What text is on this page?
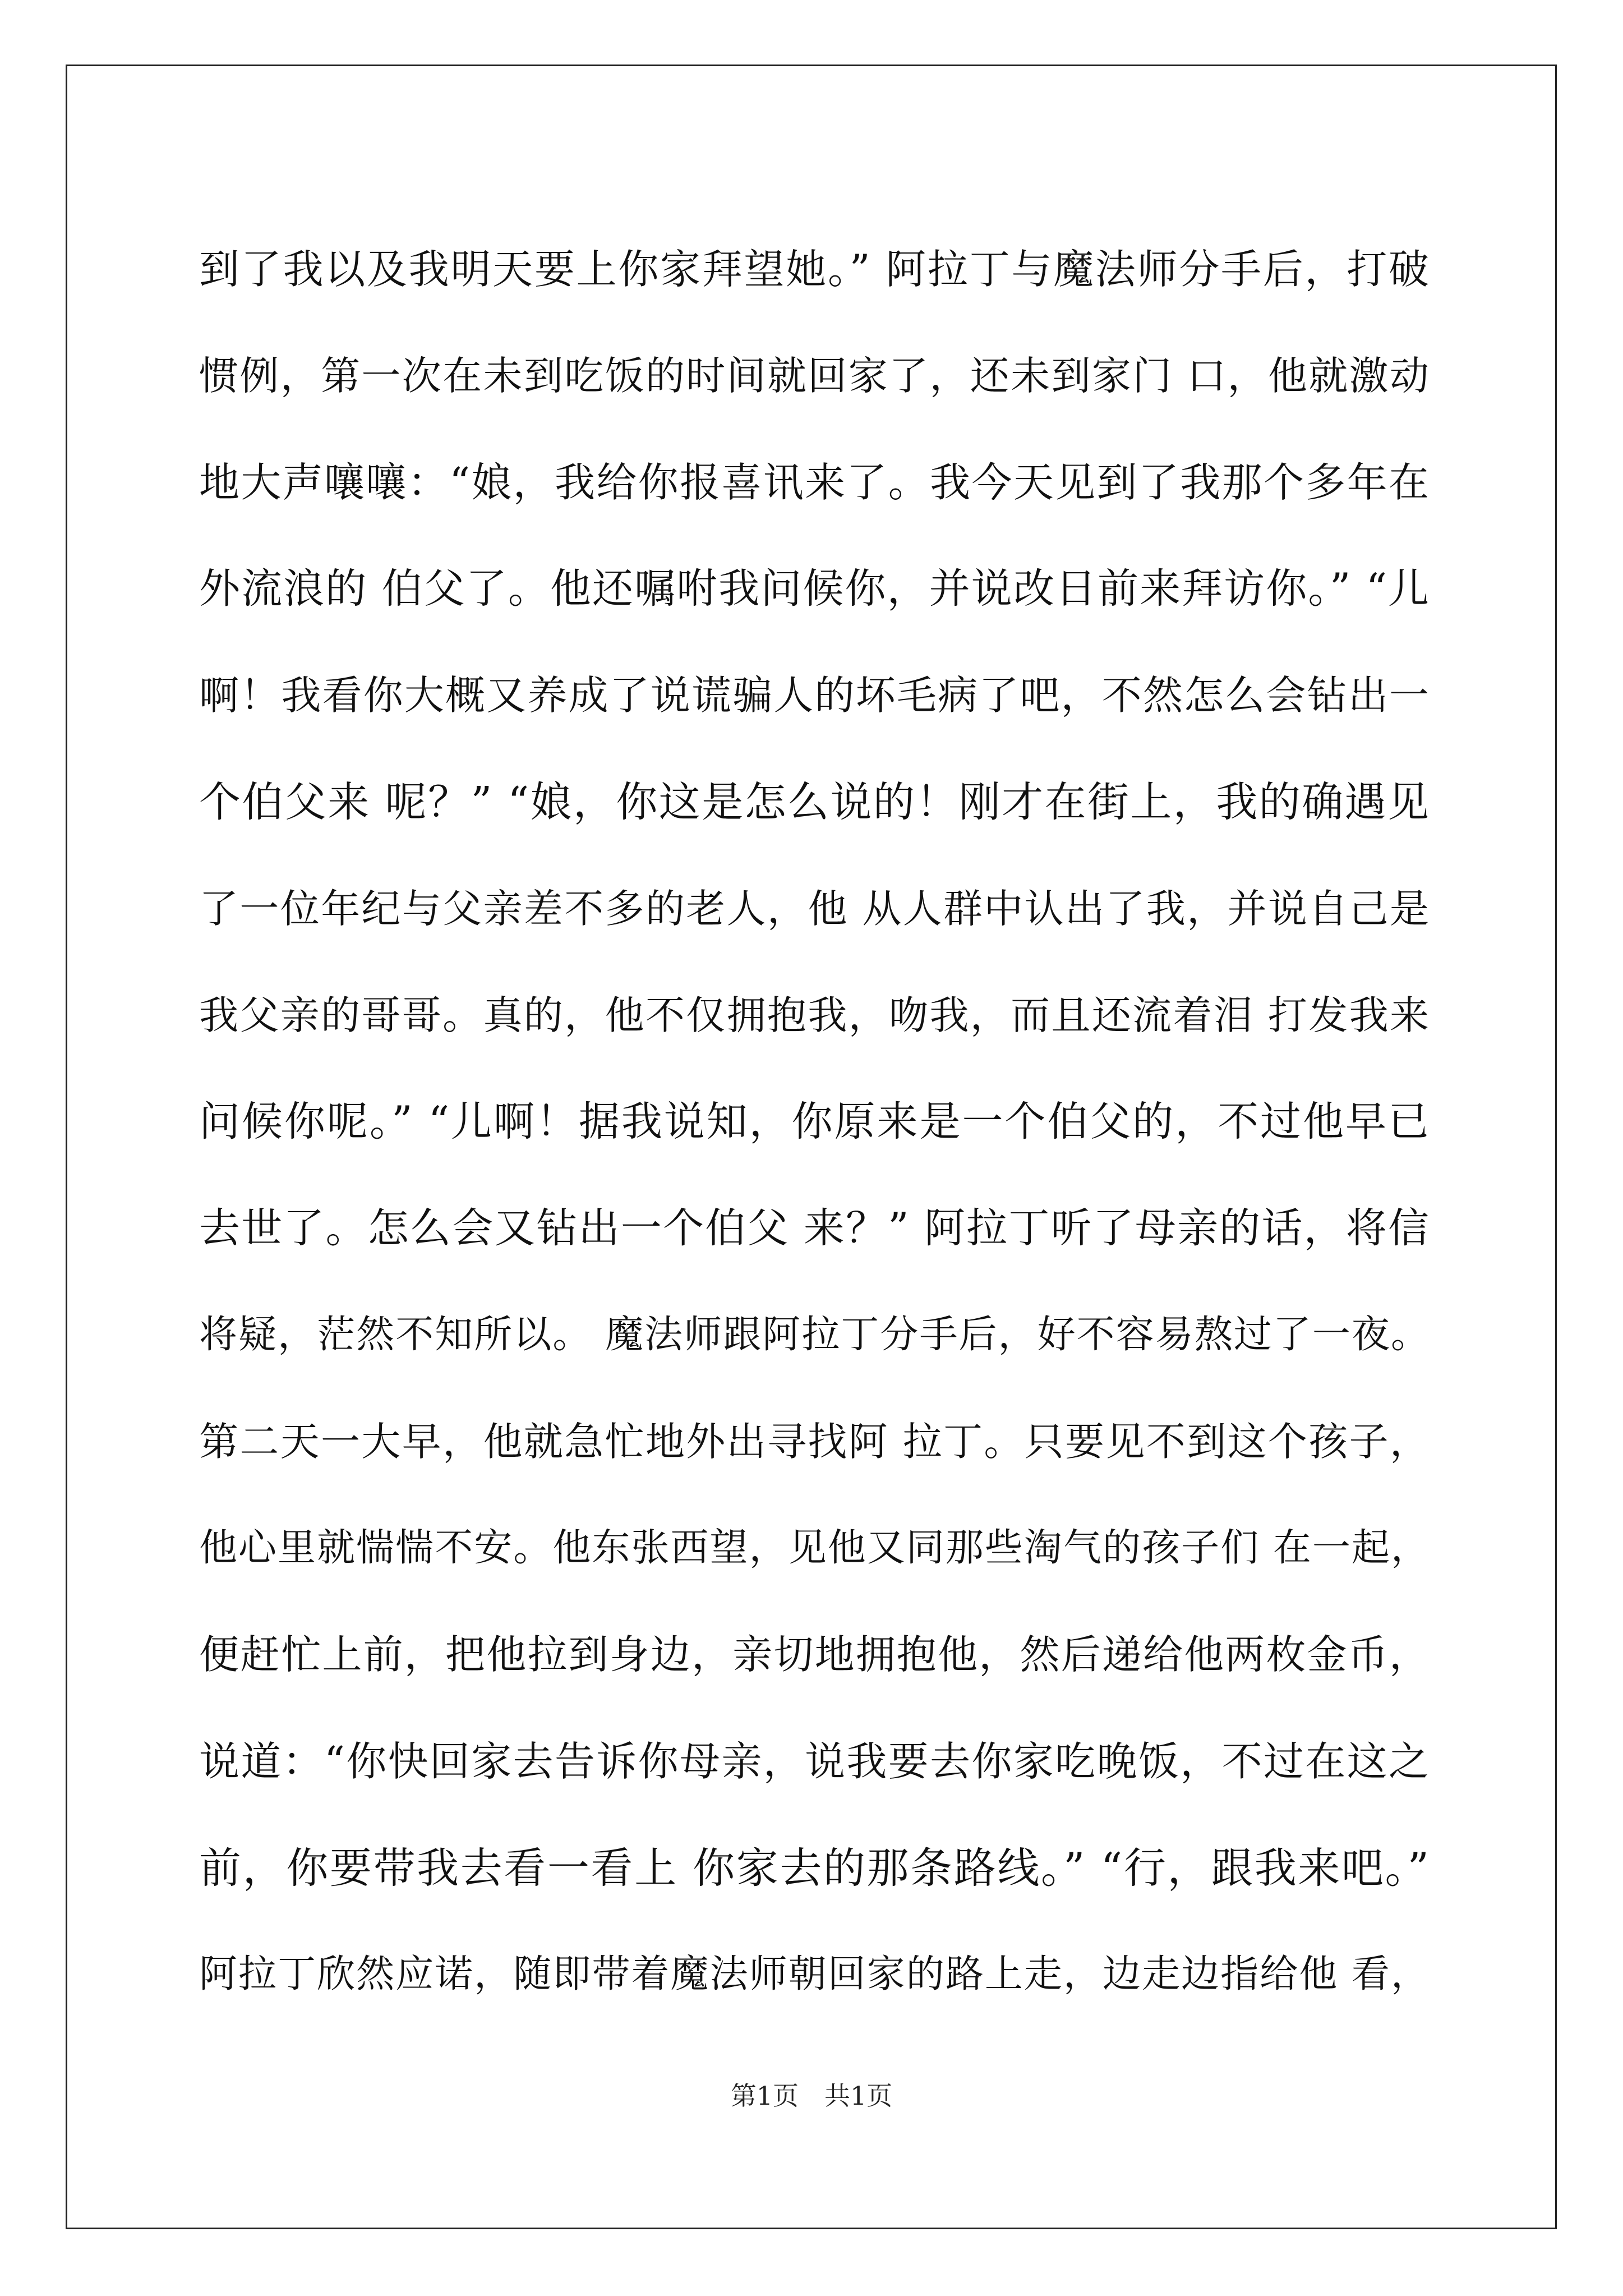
到了我以及我明天要上你家拜望她。” 阿拉丁与魔法师分手后，打破
惯例，第一次在未到吃饭的时间就回家了，还未到家门 口，他就激动
地大声嚷嚷：“娘，我给你报喜讯来了。我今天见到了我那个多年在
外流浪的 伯父了。他还嘱咐我问候你，并说改日前来拜访你。” “儿
啊！我看你大概又养成了说谎骗人的坏毛病了吧，不然怎么会钻出一
个伯父来 呢？” “娘，你这是怎么说的！刚才在街上，我的确遇见
了一位年纪与父亲差不多的老人，他 从人群中认出了我，并说自己是
我父亲的哥哥。真的，他不仅拥抱我，吻我，而且还流着泪 打发我来
问候你呢。” “儿啊！据我说知，你原来是一个伯父的，不过他早已
去世了。怎么会又钻出一个伯父 来？” 阿拉丁听了母亲的话，将信
将疑，茫然不知所以。 魔法师跟阿拉丁分手后，好不容易熬过了一夜。
第二天一大早，他就急忙地外出寻找阿 拉丁。只要见不到这个孩子，
他心里就惴惴不安。他东张西望，见他又同那些淘气的孩子们 在一起，
便赶忙上前，把他拉到身边，亲切地拥抱他，然后递给他两枚金币，
说道：“你快回家去告诉你母亲，说我要去你家吃晚饭，不过在这之
前，你要带我去看一看上 你家去的那条路线。” “行，跟我来吧。”
阿拉丁欣然应诺，随即带着魔法师朝回家的路上走，边走边指给他 看，
第1页　共1页
